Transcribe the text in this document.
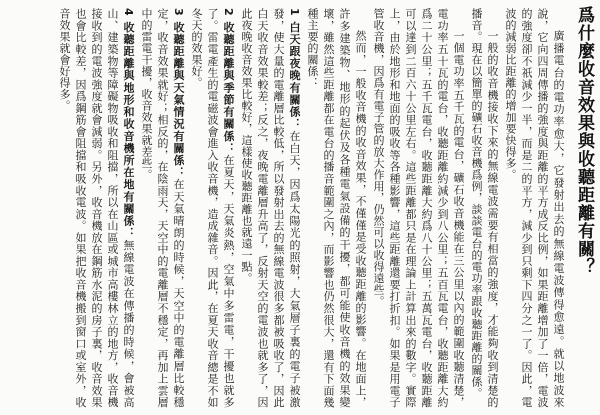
爲什麼收音效果與收聽距離有關？

廣播電台的電功率愈大，它發射出去的無線電波傳得愈遠。就以地波來說，它向四周傳播的強度與距離的平方成反比例，如果距離增加了一倍，電波的強度卻不祇減少一半，而是二的平方，減少到只剩下四分之一了。因此，電波的減弱比距離的增加要快得多。

一般的收音機接收下來的無線電波需要有相當的強度，才能夠收到清楚的播音。現在以簡單的礦石收音機爲例，談談電台的電功率跟收聽距離的關係。

一個電功率五千瓦的電台，礦石收音機能在三公里以內的範圍收聽清楚，電功率五十瓦的電台，收聽距離約減少到八公里；五百瓦電台，收聽距離大約爲二十公里；五千瓦電台，收聽距離大約爲八十公里；五萬瓦電台，收聽距離可以達到二百六十公里左右。這些距離都只是在理論上計算出來的數字。實際上，由於地形和地面的吸收等各種影響，這些距離還要打折扣。如果是用電子管收音機，因爲有電子管的放大作用，仍然可以收得遠些。

然而，一般收音機的收音效果，不僅僅是受收聽距離的影響。在地面上，許多建築物、地形的起伏及各種電氣設備的干擾，都可能使收音機的效果變壞，雖然這些距離都在電台的播音範圍之內，而影響也仍然很大，還有下面幾種主要的關係：

1 白天跟夜晚有關係：在白天，因爲太陽光的照射，大氣層子裏的電子被激發，使大量的電離層比較低，所以發射出去的無線電波很多都被吸收了，因此白天收音效果較差；反之，夜晚電離層升高了，反射天空的電波也就多了，因此夜晚收音效果比較好，這樣使收聽距離也就遠一點。

2 收聽距離與季節有關係：在夏天，天氣炎熱，空氣中多雷電，干擾也就多了。雷電產生的電磁波會進入收音機，造成雜音。因此，在夏天收音總是不如冬天的效果好。

3 收聽距離與天氣情況有關係：在天氣晴朗的時候，天空中的電離層比較穩定，收音效果就好；相反的，在陰雨天，天空中的電離層不穩定，再加上雲層中的雷電干擾，收音效果就差些。

4 收聽距離與地形和收音機所在地有關係：無線電波在傳播的時候，會被高山、建築物等障礙物吸收和阻擋，所以在山區或城市高樓林立的地方，收音機接收到的電波強度就會減弱。另外，收音機放在鋼筋水泥的房子裏，收音效果也會比較差，因爲鋼筋會阻擋和吸收電波。如果把收音機搬到窗口或室外，收音效果就會好得多。
